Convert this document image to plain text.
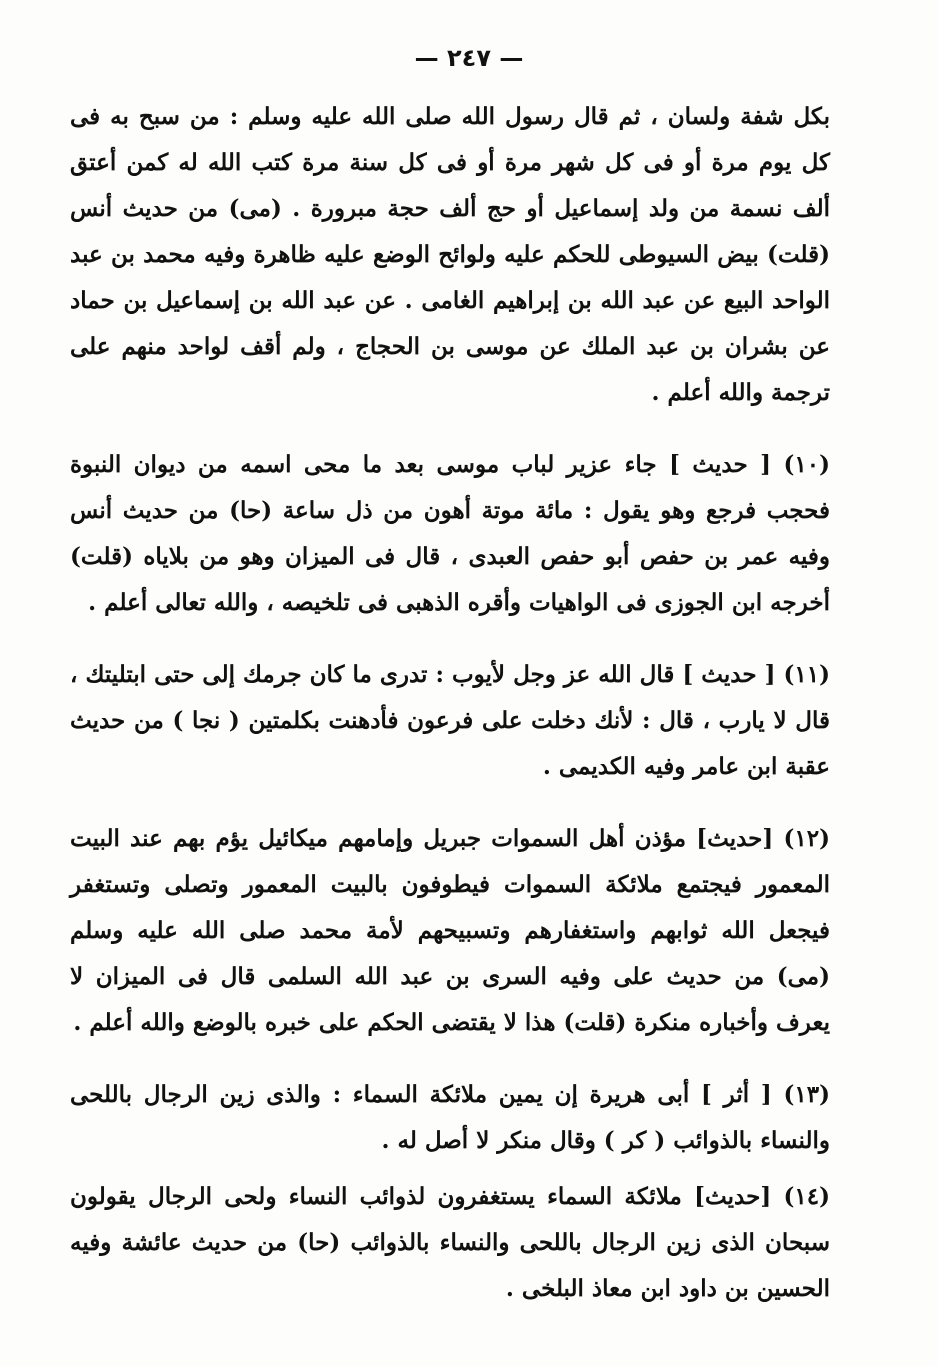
— ٢٤٧ —

بكل شفة ولسان ، ثم قال رسول الله صلى الله عليه وسلم : من سبح به فى كل يوم مرة أو فى كل شهر مرة أو فى كل سنة مرة كتب الله له كمن أعتق ألف نسمة من ولد إسماعيل أو حج ألف حجة مبرورة . (مى) من حديث أنس (قلت) بيض السيوطى للحكم عليه ولوائح الوضع عليه ظاهرة وفيه محمد بن عبد الواحد البيع عن عبد الله بن إبراهيم الغامى . عن عبد الله بن إسماعيل بن حماد عن بشران بن عبد الملك عن موسى بن الحجاج ، ولم أقف لواحد منهم على ترجمة والله أعلم .

(١٠) [ حديث ] جاء عزير لباب موسى بعد ما محى اسمه من ديوان النبوة فحجب فرجع وهو يقول : مائة موتة أهون من ذل ساعة (حا) من حديث أنس وفيه عمر بن حفص أبو حفص العبدى ، قال فى الميزان وهو من بلاياه (قلت) أخرجه ابن الجوزى فى الواهيات وأقره الذهبى فى تلخيصه ، والله تعالى أعلم .

(١١) [ حديث ] قال الله عز وجل لأيوب : تدرى ما كان جرمك إلى حتى ابتليتك ، قال لا يارب ، قال : لأنك دخلت على فرعون فأدهنت بكلمتين ( نجا ) من حديث عقبة ابن عامر وفيه الكديمى .

(١٢) [حديث] مؤذن أهل السموات جبريل وإمامهم ميكائيل يؤم بهم عند البيت المعمور فيجتمع ملائكة السموات فيطوفون بالبيت المعمور وتصلى وتستغفر فيجعل الله ثوابهم واستغفارهم وتسبيحهم لأمة محمد صلى الله عليه وسلم (مى) من حديث على وفيه السرى بن عبد الله السلمى قال فى الميزان لا يعرف وأخباره منكرة (قلت) هذا لا يقتضى الحكم على خبره بالوضع والله أعلم .

(١٣) [ أثر ] أبى هريرة إن يمين ملائكة السماء : والذى زين الرجال باللحى والنساء بالذوائب ( كر ) وقال منكر لا أصل له .

(١٤) [حديث] ملائكة السماء يستغفرون لذوائب النساء ولحى الرجال يقولون سبحان الذى زين الرجال باللحى والنساء بالذوائب (حا) من حديث عائشة وفيه الحسين بن داود ابن معاذ البلخى .
